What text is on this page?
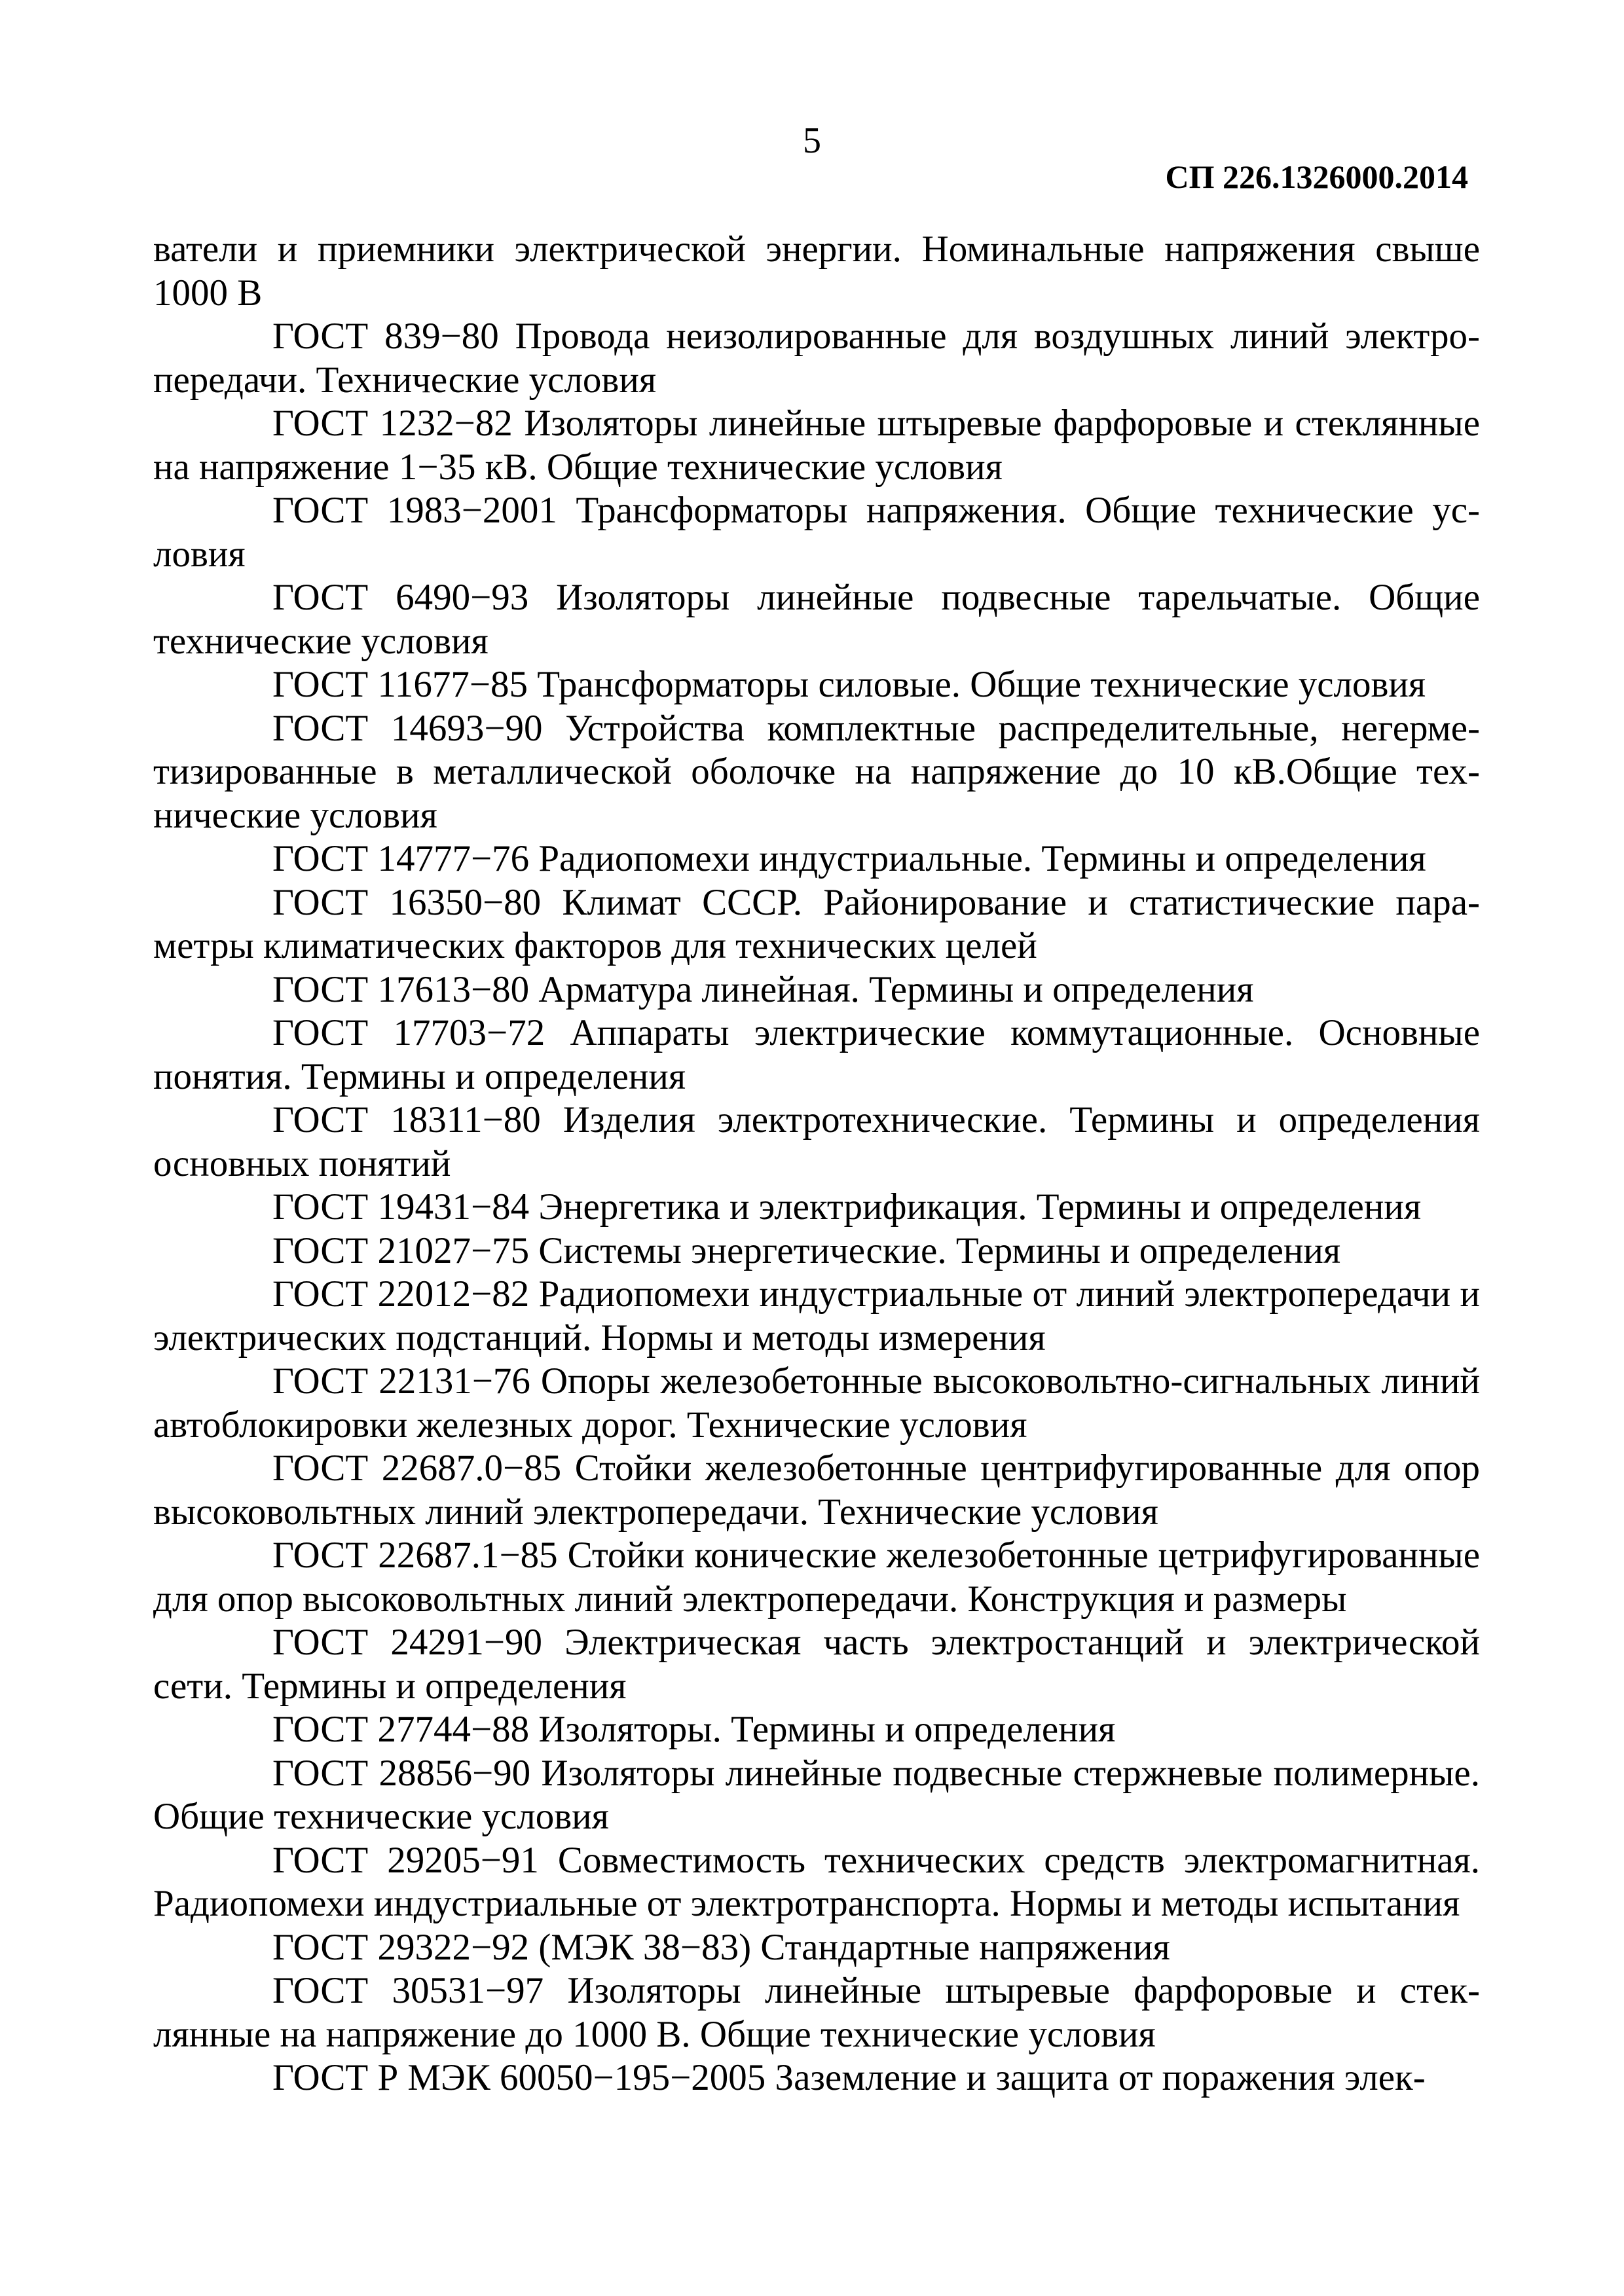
5
СП 226.1326000.2014

ватели и приемники электрической энергии. Номинальные напряжения свыше 1000 В

ГОСТ 839−80 Провода неизолированные для воздушных линий электропередачи. Технические условия

ГОСТ 1232−82 Изоляторы линейные штыревые фарфоровые и стеклянные на напряжение 1−35 кВ. Общие технические условия

ГОСТ 1983−2001 Трансформаторы напряжения. Общие технические условия

ГОСТ 6490−93 Изоляторы линейные подвесные тарельчатые. Общие технические условия

ГОСТ 11677−85 Трансформаторы силовые. Общие технические условия

ГОСТ 14693−90 Устройства комплектные распределительные, негерметизированные в металлической оболочке на напряжение до 10 кВ.Общие технические условия

ГОСТ 14777−76 Радиопомехи индустриальные. Термины и определения

ГОСТ 16350−80 Климат СССР. Районирование и статистические параметры климатических факторов для технических целей

ГОСТ 17613−80 Арматура линейная. Термины и определения

ГОСТ 17703−72 Аппараты электрические коммутационные. Основные понятия. Термины и определения

ГОСТ 18311−80 Изделия электротехнические. Термины и определения основных понятий

ГОСТ 19431−84 Энергетика и электрификация. Термины и определения

ГОСТ 21027−75 Системы энергетические. Термины и определения

ГОСТ 22012−82 Радиопомехи индустриальные от линий электропередачи и электрических подстанций. Нормы и методы измерения

ГОСТ 22131−76 Опоры железобетонные высоковольтно-сигнальных линий автоблокировки железных дорог. Технические условия

ГОСТ 22687.0−85 Стойки железобетонные центрифугированные для опор высоковольтных линий электропередачи. Технические условия

ГОСТ 22687.1−85 Стойки конические железобетонные цетрифугированные для опор высоковольтных линий электропередачи. Конструкция и размеры

ГОСТ 24291−90 Электрическая часть электростанций и электрической сети. Термины и определения

ГОСТ 27744−88 Изоляторы. Термины и определения

ГОСТ 28856−90 Изоляторы линейные подвесные стержневые полимерные. Общие технические условия

ГОСТ 29205−91 Совместимость технических средств электромагнитная. Радиопомехи индустриальные от электротранспорта. Нормы и методы испытания

ГОСТ 29322−92 (МЭК 38−83) Стандартные напряжения

ГОСТ 30531−97 Изоляторы линейные штыревые фарфоровые и стеклянные на напряжение до 1000 В. Общие технические условия

ГОСТ Р МЭК 60050−195−2005 Заземление и защита от поражения элек-
